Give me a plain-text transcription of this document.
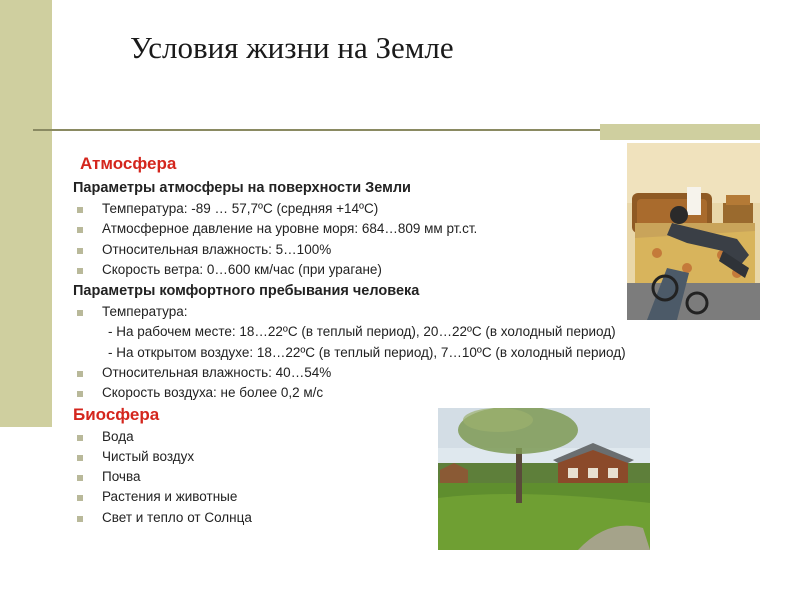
Условия жизни на Земле
Атмосфера
Параметры атмосферы на поверхности Земли
Температура: -89 … 57,7ºС (средняя +14ºС)
Атмосферное давление на уровне моря: 684…809 мм рт.ст.
Относительная влажность: 5…100%
Скорость ветра: 0…600 км/час (при урагане)
Параметры комфортного пребывания человека
Температура:
- На рабочем месте: 18…22ºС (в теплый период), 20…22ºС (в холодный период)
- На открытом воздухе: 18…22ºС (в теплый период), 7…10ºС (в холодный период)
Относительная влажность: 40…54%
Скорость воздуха: не более 0,2 м/с
Биосфера
Вода
Чистый воздух
Почва
Растения и животные
Свет и тепло от Солнца
